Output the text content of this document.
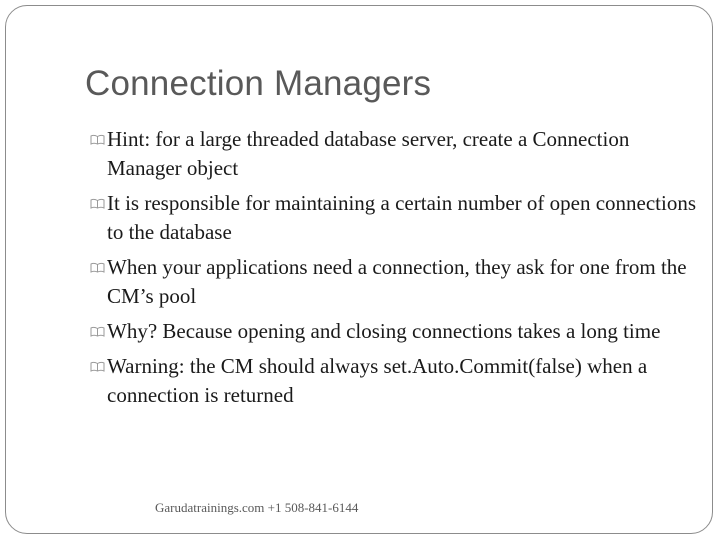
Connection Managers
Hint: for a large threaded database server, create a Connection Manager object
It is responsible for maintaining a certain number of open connections to the database
When your applications need a connection, they ask for one from the CM’s pool
Why? Because opening and closing connections takes a long time
Warning: the CM should always set.Auto.Commit(false) when a connection is returned
Garudatrainings.com +1 508-841-6144
